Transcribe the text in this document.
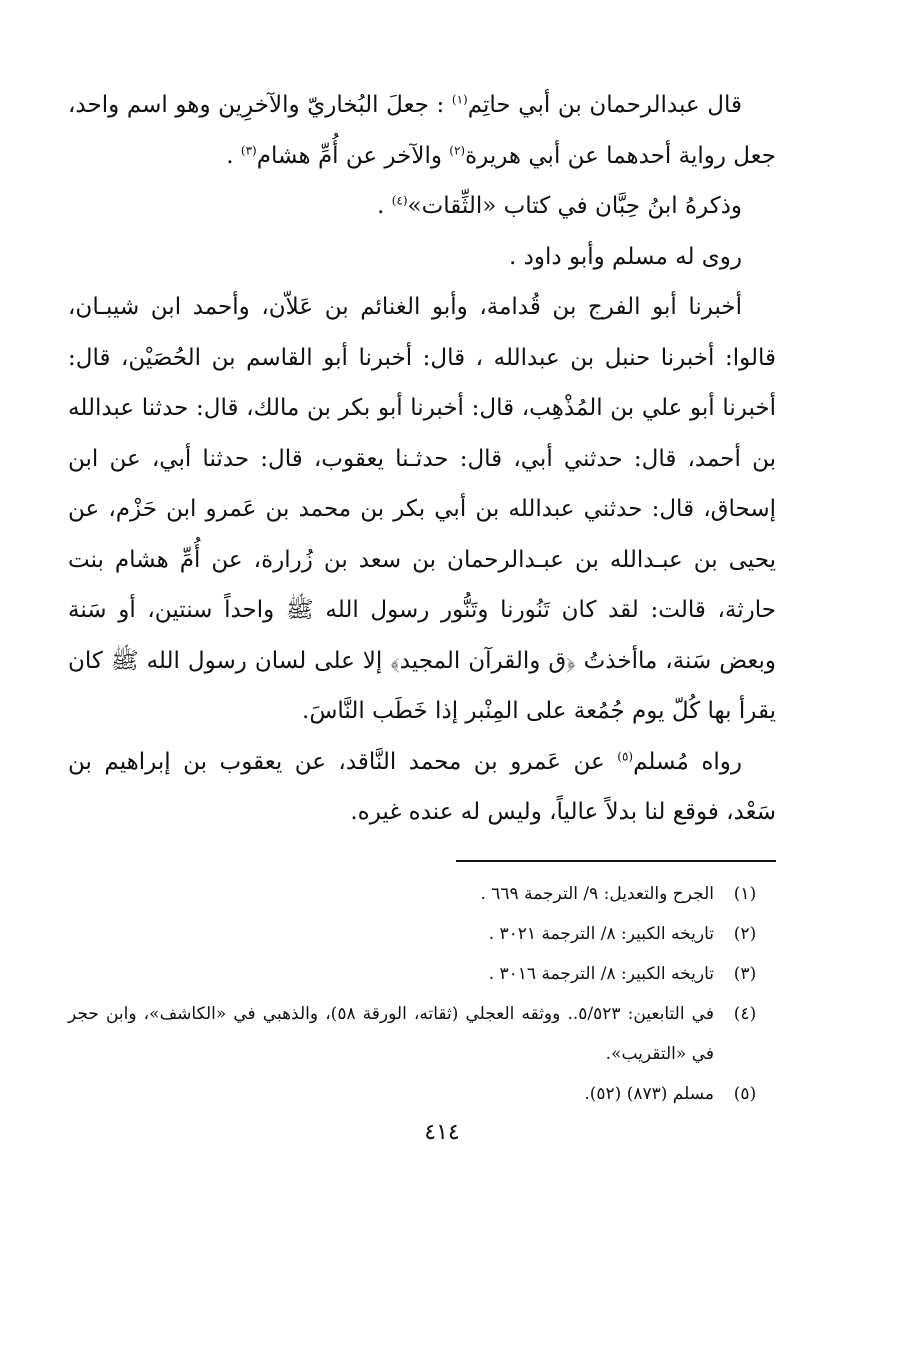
قال عبدالرحمان بن أبي حاتِم$^{(١)}$ : جعلَ البُخاريّ والآخرِين وهو اسم واحد، جعل رواية أحدهما عن أبي هريرة$^{(٢)}$ والآخر عن أُمِّ هشام$^{(٣)}$ .

وذكرهُ ابنُ حِبَّان في كتاب «الثِّقات»$^{(٤)}$ .

روى له مسلم وأبو داود .

أخبرنا أبو الفرج بن قُدامة، وأبو الغنائم بن عَلاّن، وأحمد ابن شيبـان، قالوا: أخبرنا حنبل بن عبدالله ، قال: أخبرنا أبو القاسم بن الحُصَيْن، قال: أخبرنا أبو علي بن المُذْهِب، قال: أخبرنا أبو بكر بن مالك، قال: حدثنا عبدالله بن أحمد، قال: حدثني أبي، قال: حدثـنا يعقوب، قال: حدثنا أبي، عن ابن إسحاق، قال: حدثني عبدالله بن أبي بكر بن محمد بن عَمرو ابن حَزْم، عن يحيى بن عبـدالله بن عبـدالرحمان بن سعد بن زُرارة، عن أُمِّ هشام بنت حارثة، قالت: لقد كان تَنُورنا وتَنُّور رسول الله ﷺ واحداً سنتين، أو سَنة وبعض سَنة، ماأخذتُ ﴿ق والقرآن المجيد﴾ إلا على لسان رسول الله ﷺ كان يقرأ بها كُلّ يوم جُمُعة على المِنْبر إذا خَطَب النَّاسَ.

رواه مُسلم$^{(٥)}$ عن عَمرو بن محمد النَّاقد، عن يعقوب بن إبراهيم بن سَعْد، فوقع لنا بدلاً عالياً، وليس له عنده غيره.

(١)
الجرح والتعديل: ٩/ الترجمة ٦٦٩ .
(٢)
تاريخه الكبير: ٨/ الترجمة ٣٠٢١ .
(٣)
تاريخه الكبير: ٨/ الترجمة ٣٠١٦ .
(٤)
في التابعين: ٥/٥٢٣.. ووثقه العجلي (ثقاته، الورقة ٥٨)، والذهبي في «الكاشف»، وابن حجر في «التقريب».
(٥)
مسلم (٨٧٣) (٥٢).
٤١٤
